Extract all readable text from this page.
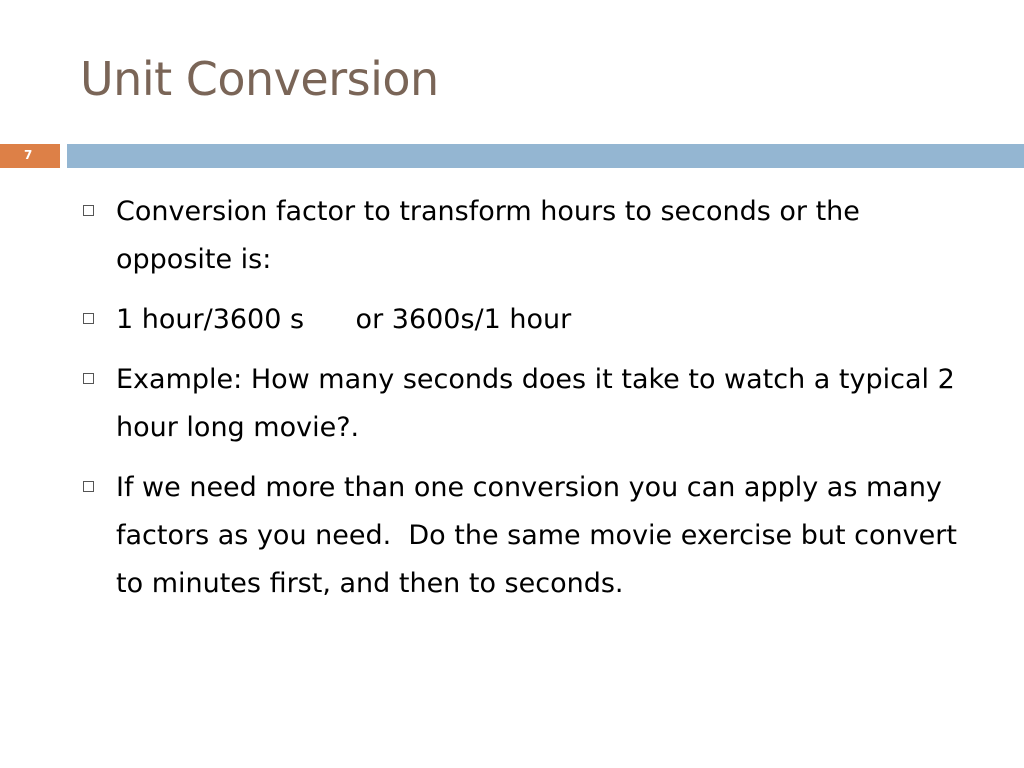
Unit Conversion
7
Conversion factor to transform hours to seconds or the opposite is:
1 hour/3600 s      or 3600s/1 hour
Example: How many seconds does it take to watch a typical 2 hour long movie?.
If we need more than one conversion you can apply as many factors as you need.  Do the same movie exercise but convert to minutes first, and then to seconds.
